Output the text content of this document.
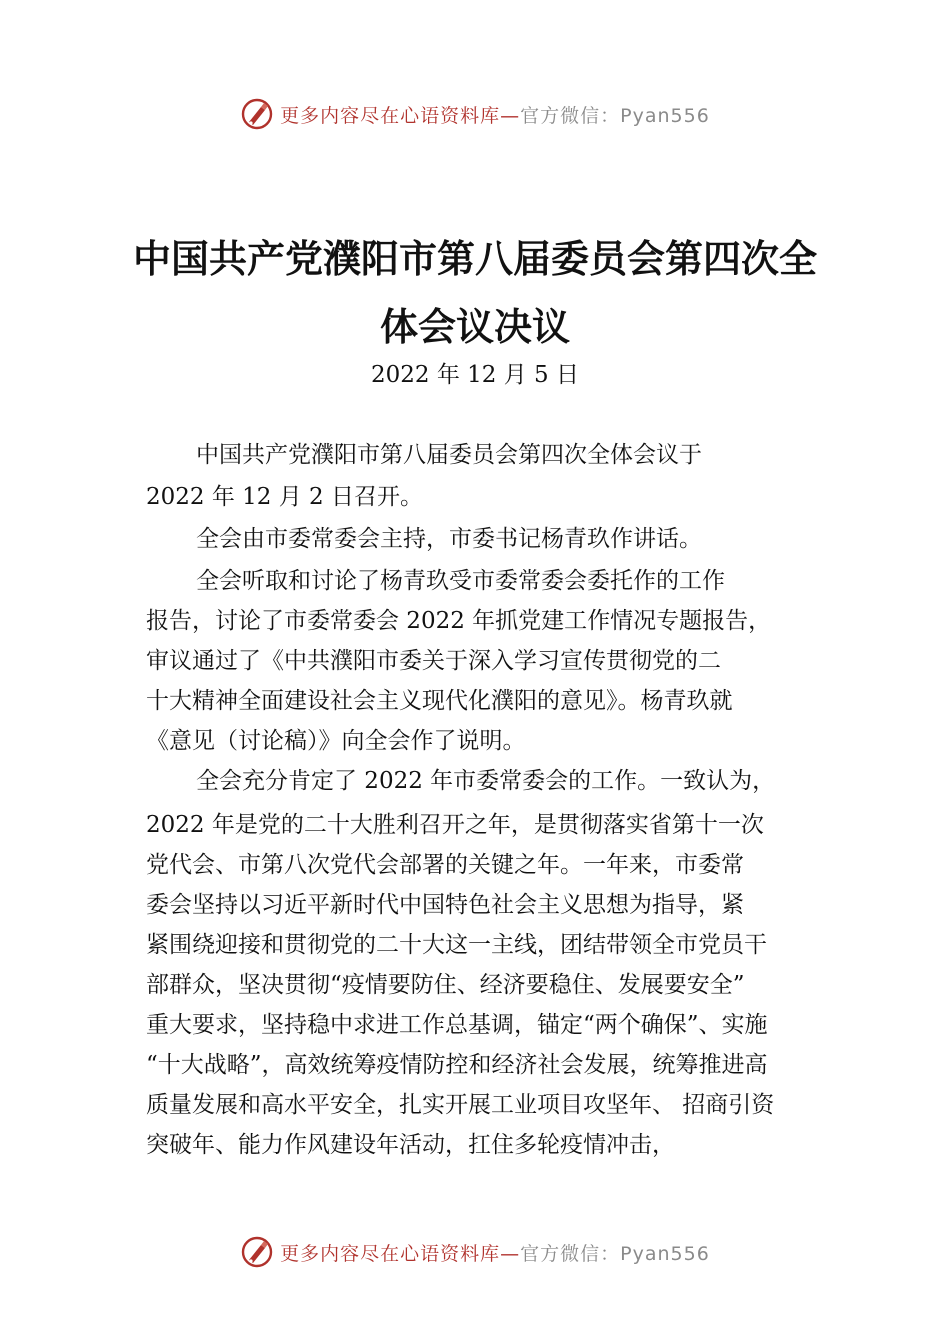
更多内容尽在心语资料库—官方微信：Pyan556
中国共产党濮阳市第八届委员会第四次全
体会议决议
2022 年 12 月 5 日
中国共产党濮阳市第八届委员会第四次全体会议于
2022 年 12 月 2 日召开。
全会由市委常委会主持，市委书记杨青玖作讲话。
全会听取和讨论了杨青玖受市委常委会委托作的工作
报告，讨论了市委常委会 2022 年抓党建工作情况专题报告，
审议通过了《中共濮阳市委关于深入学习宣传贯彻党的二
十大精神全面建设社会主义现代化濮阳的意见》。杨青玖就
《意见（讨论稿）》向全会作了说明。
全会充分肯定了 2022 年市委常委会的工作。一致认为，
2022 年是党的二十大胜利召开之年，是贯彻落实省第十一次
党代会、市第八次党代会部署的关键之年。一年来，市委常
委会坚持以习近平新时代中国特色社会主义思想为指导，紧
紧围绕迎接和贯彻党的二十大这一主线，团结带领全市党员干
部群众，坚决贯彻“疫情要防住、经济要稳住、发展要安全”
重大要求，坚持稳中求进工作总基调，锚定“两个确保”、实施
“十大战略”，高效统筹疫情防控和经济社会发展，统筹推进高
质量发展和高水平安全，扎实开展工业项目攻坚年、 招商引资
突破年、能力作风建设年活动，扛住多轮疫情冲击，
更多内容尽在心语资料库—官方微信：Pyan556
